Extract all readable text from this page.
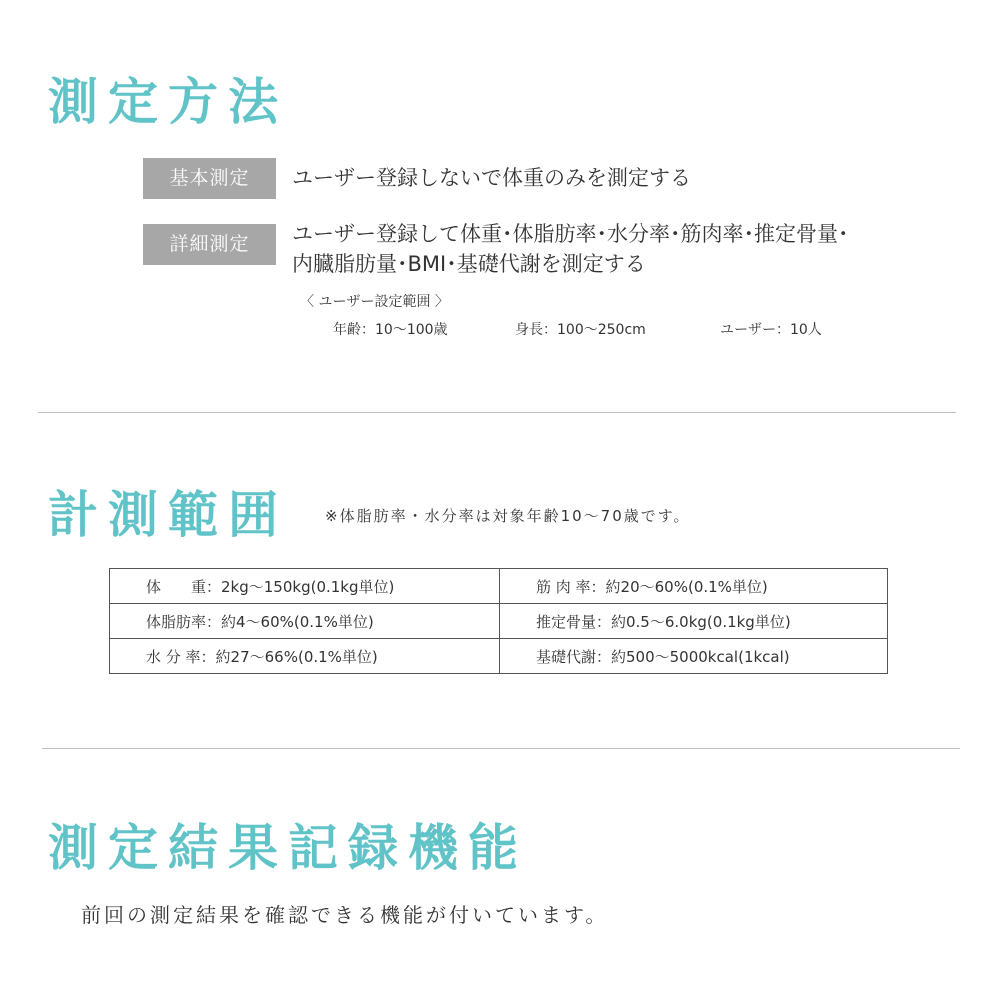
測定方法
基本測定	ユーザー登録しないで体重のみを測定する
詳細測定	ユーザー登録して体重･体脂肪率･水分率･筋肉率･推定骨量･
内臓脂肪量･BMI･基礎代謝を測定する
〈 ユーザー設定範囲 〉
年齢：10～100歳	身長：100～250cm	ユーザー：10人
計測範囲 ※体脂肪率・水分率は対象年齢10～70歳です。
体　　重：2kg～150kg(0.1kg単位)	筋 肉 率：約20～60%(0.1%単位)
体脂肪率：約4～60%(0.1%単位)	推定骨量：約0.5～6.0kg(0.1kg単位)
水 分 率：約27～66%(0.1%単位)	基礎代謝：約500～5000kcal(1kcal)
測定結果記録機能
前回の測定結果を確認できる機能が付いています。
